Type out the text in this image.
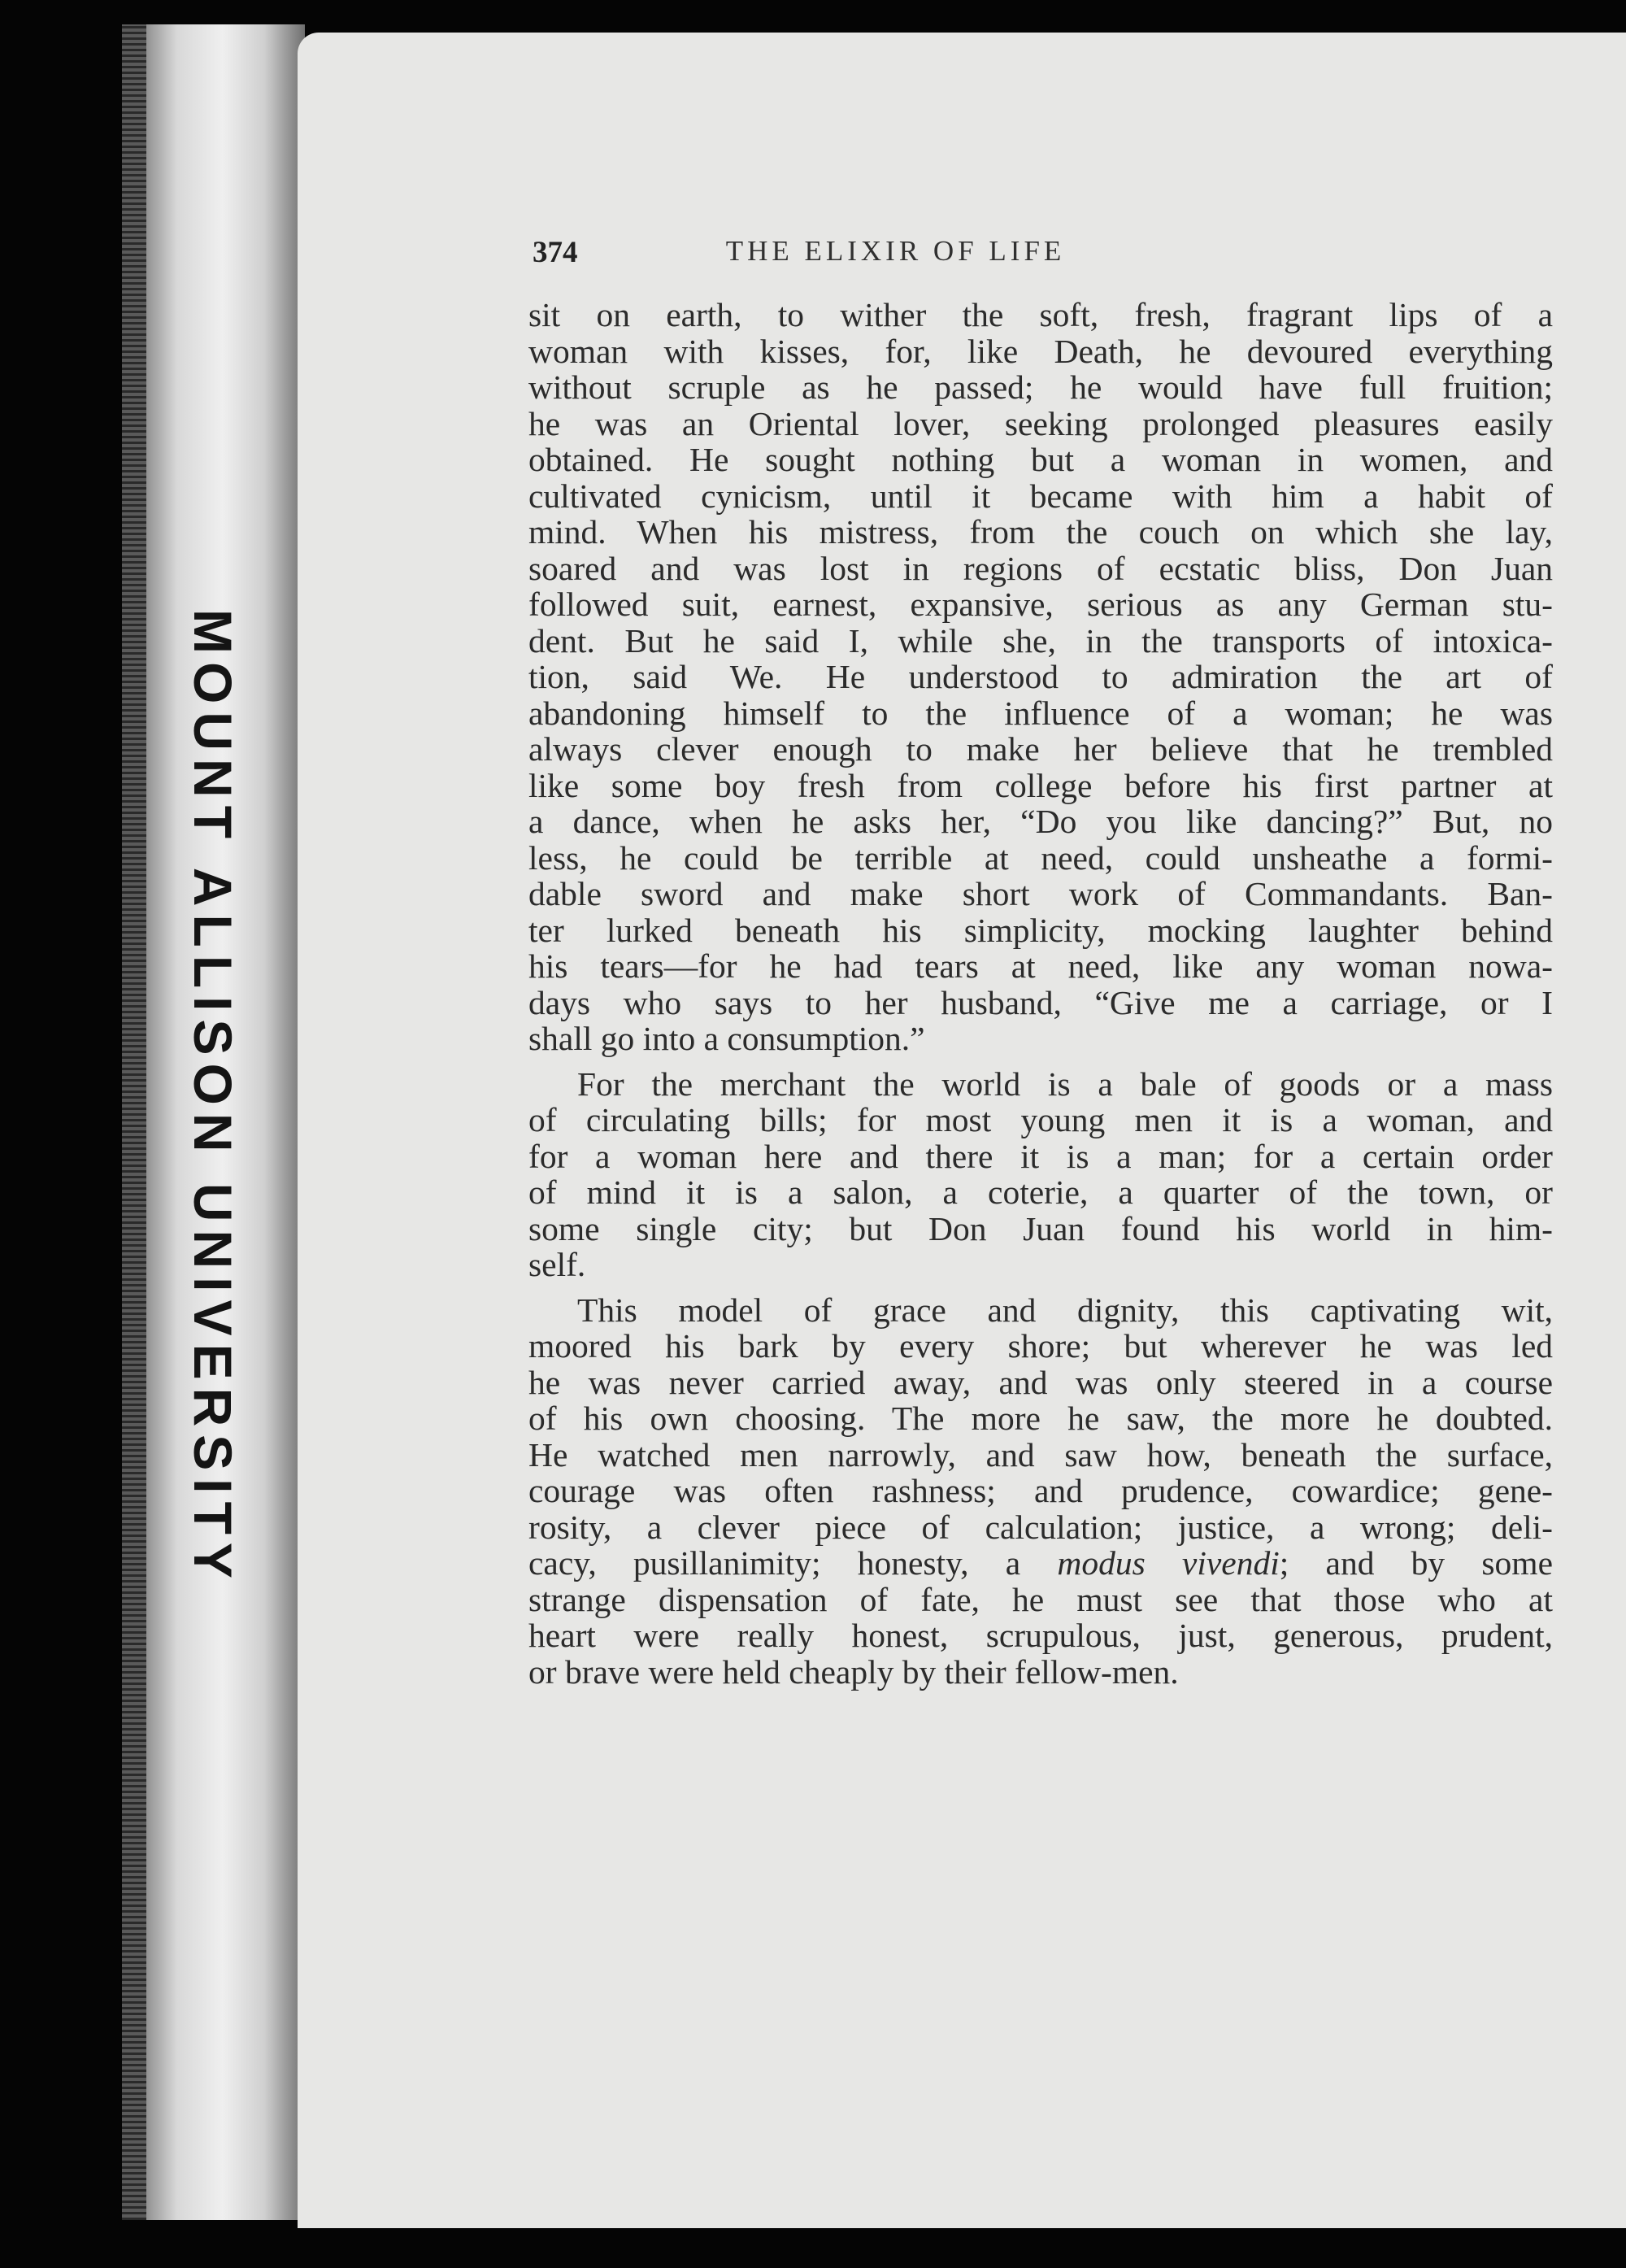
MOUNT ALLISON UNIVERSITY
374	THE ELIXIR OF LIFE
sit on earth, to wither the soft, fresh, fragrant lips of a
woman with kisses, for, like Death, he devoured everything
without scruple as he passed; he would have full fruition;
he was an Oriental lover, seeking prolonged pleasures easily
obtained. He sought nothing but a woman in women, and
cultivated cynicism, until it became with him a habit of
mind. When his mistress, from the couch on which she lay,
soared and was lost in regions of ecstatic bliss, Don Juan
followed suit, earnest, expansive, serious as any German stu-
dent. But he said I, while she, in the transports of intoxica-
tion, said We. He understood to admiration the art of
abandoning himself to the influence of a woman; he was
always clever enough to make her believe that he trembled
like some boy fresh from college before his first partner at
a dance, when he asks her, “Do you like dancing?” But, no
less, he could be terrible at need, could unsheathe a formi-
dable sword and make short work of Commandants. Ban-
ter lurked beneath his simplicity, mocking laughter behind
his tears—for he had tears at need, like any woman nowa-
days who says to her husband, “Give me a carriage, or I
shall go into a consumption.”
For the merchant the world is a bale of goods or a mass
of circulating bills; for most young men it is a woman, and
for a woman here and there it is a man; for a certain order
of mind it is a salon, a coterie, a quarter of the town, or
some single city; but Don Juan found his world in him-
self.
This model of grace and dignity, this captivating wit,
moored his bark by every shore; but wherever he was led
he was never carried away, and was only steered in a course
of his own choosing. The more he saw, the more he doubted.
He watched men narrowly, and saw how, beneath the surface,
courage was often rashness; and prudence, cowardice; gene-
rosity, a clever piece of calculation; justice, a wrong; deli-
cacy, pusillanimity; honesty, a modus vivendi; and by some
strange dispensation of fate, he must see that those who at
heart were really honest, scrupulous, just, generous, prudent,
or brave were held cheaply by their fellow-men.
